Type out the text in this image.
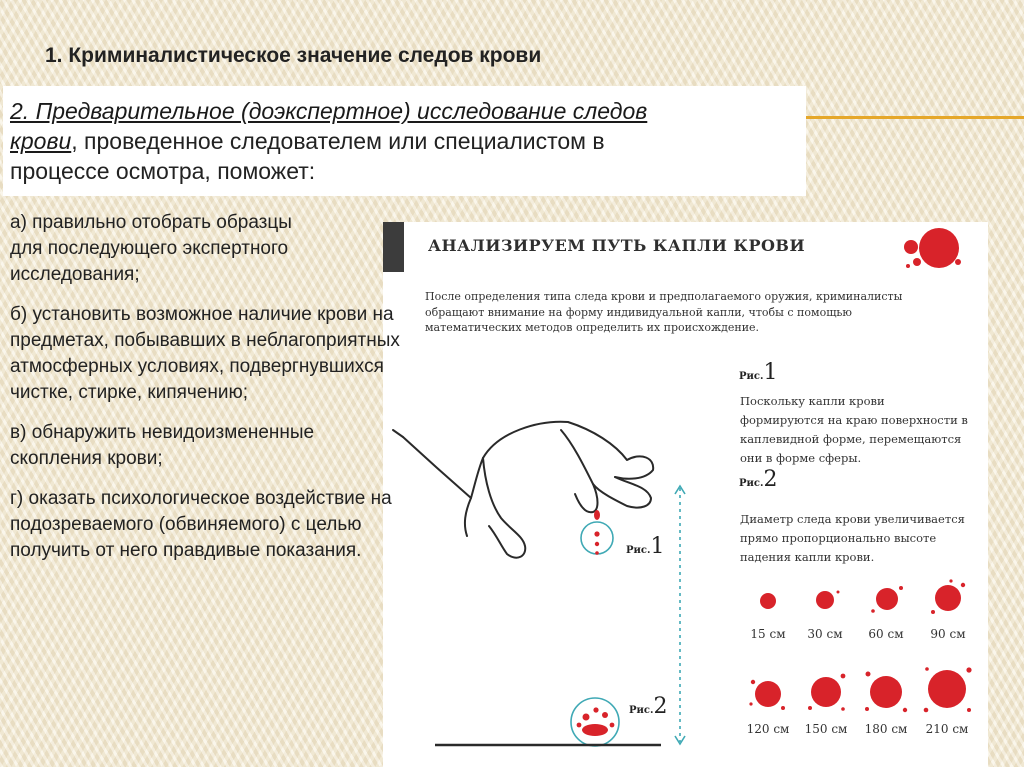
1. Криминалистическое значение следов крови

2. Предварительное (доэкспертное) исследование следов
крови, проведенное следователем или специалистом в
процессе осмотра, поможет:

АНАЛИЗИРУЕМ ПУТЬ КАПЛИ КРОВИ

После определения типа следа крови и предполагаемого оружия, криминалисты
обращают внимание на форму индивидуальной капли, чтобы с помощью
математических методов определить их происхождение.

Рис.1
Рис.2
Рис.1
Рис.2

Поскольку капли крови
формируются на краю поверхности в
каплевидной форме, перемещаются
они в форме сферы.

Диаметр следа крови увеличивается
прямо пропорционально высоте
падения капли крови.

15 см	30 см	60 см	90 см
120 см	150 см	180 см	210 см

а) правильно отобрать образцы
для последующего экспертного
исследования;

б) установить возможное наличие крови на
предметах, побывавших в неблагоприятных
атмосферных условиях, подвергнувшихся
чистке, стирке, кипячению;

в) обнаружить невидоизмененные
скопления крови;

г) оказать психологическое воздействие на
подозреваемого (обвиняемого) с целью
получить от него правдивые показания.
